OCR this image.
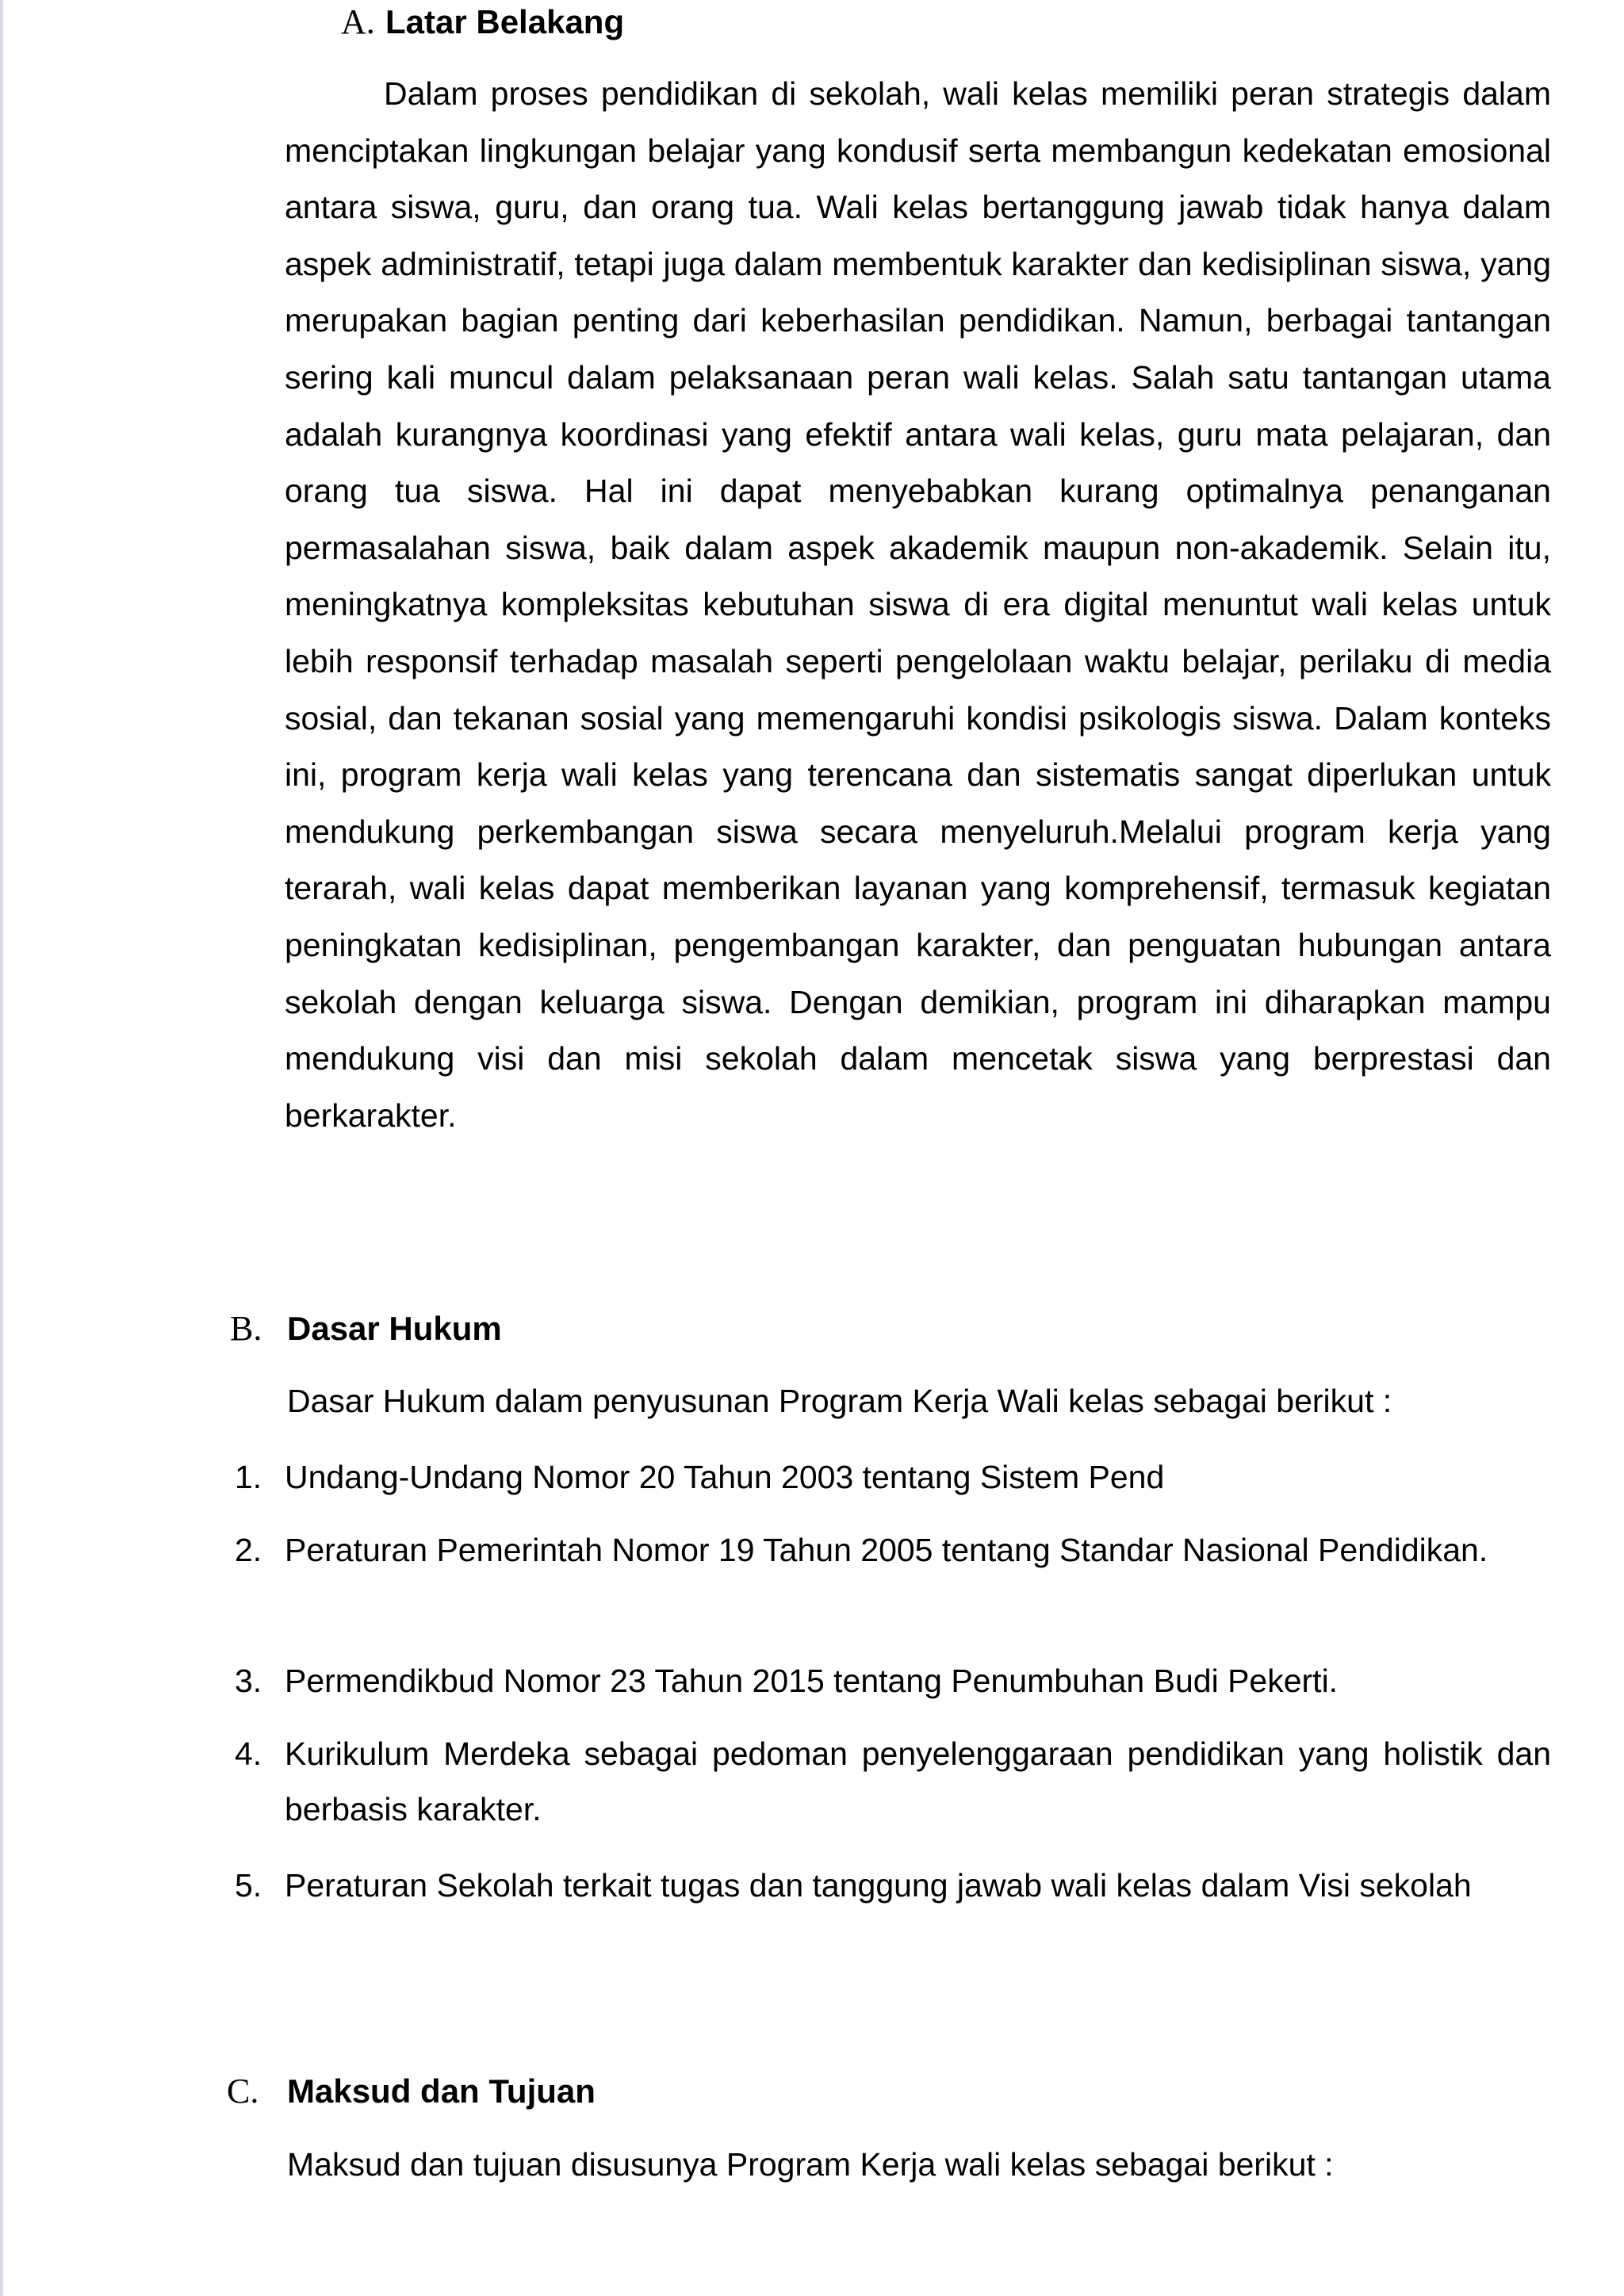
A. Latar Belakang

Dalam proses pendidikan di sekolah, wali kelas memiliki peran strategis dalam menciptakan lingkungan belajar yang kondusif serta membangun kedekatan emosional antara siswa, guru, dan orang tua. Wali kelas bertanggung jawab tidak hanya dalam aspek administratif, tetapi juga dalam membentuk karakter dan kedisiplinan siswa, yang merupakan bagian penting dari keberhasilan pendidikan. Namun, berbagai tantangan sering kali muncul dalam pelaksanaan peran wali kelas. Salah satu tantangan utama adalah kurangnya koordinasi yang efektif antara wali kelas, guru mata pelajaran, dan orang tua siswa. Hal ini dapat menyebabkan kurang optimalnya penanganan permasalahan siswa, baik dalam aspek akademik maupun non-akademik. Selain itu, meningkatnya kompleksitas kebutuhan siswa di era digital menuntut wali kelas untuk lebih responsif terhadap masalah seperti pengelolaan waktu belajar, perilaku di media sosial, dan tekanan sosial yang memengaruhi kondisi psikologis siswa. Dalam konteks ini, program kerja wali kelas yang terencana dan sistematis sangat diperlukan untuk mendukung perkembangan siswa secara menyeluruh.Melalui program kerja yang terarah, wali kelas dapat memberikan layanan yang komprehensif, termasuk kegiatan peningkatan kedisiplinan, pengembangan karakter, dan penguatan hubungan antara sekolah dengan keluarga siswa. Dengan demikian, program ini diharapkan mampu mendukung visi dan misi sekolah dalam mencetak siswa yang berprestasi dan berkarakter.

B. Dasar Hukum
Dasar Hukum dalam penyusunan Program Kerja Wali kelas sebagai berikut :
1. Undang-Undang Nomor 20 Tahun 2003 tentang Sistem Pend
2. Peraturan Pemerintah Nomor 19 Tahun 2005 tentang Standar Nasional Pendidikan.
3. Permendikbud Nomor 23 Tahun 2015 tentang Penumbuhan Budi Pekerti.
4. Kurikulum Merdeka sebagai pedoman penyelenggaraan pendidikan yang holistik dan berbasis karakter.
5. Peraturan Sekolah terkait tugas dan tanggung jawab wali kelas dalam Visi sekolah
C. Maksud dan Tujuan
Maksud dan tujuan disusunya Program Kerja wali kelas sebagai berikut :
